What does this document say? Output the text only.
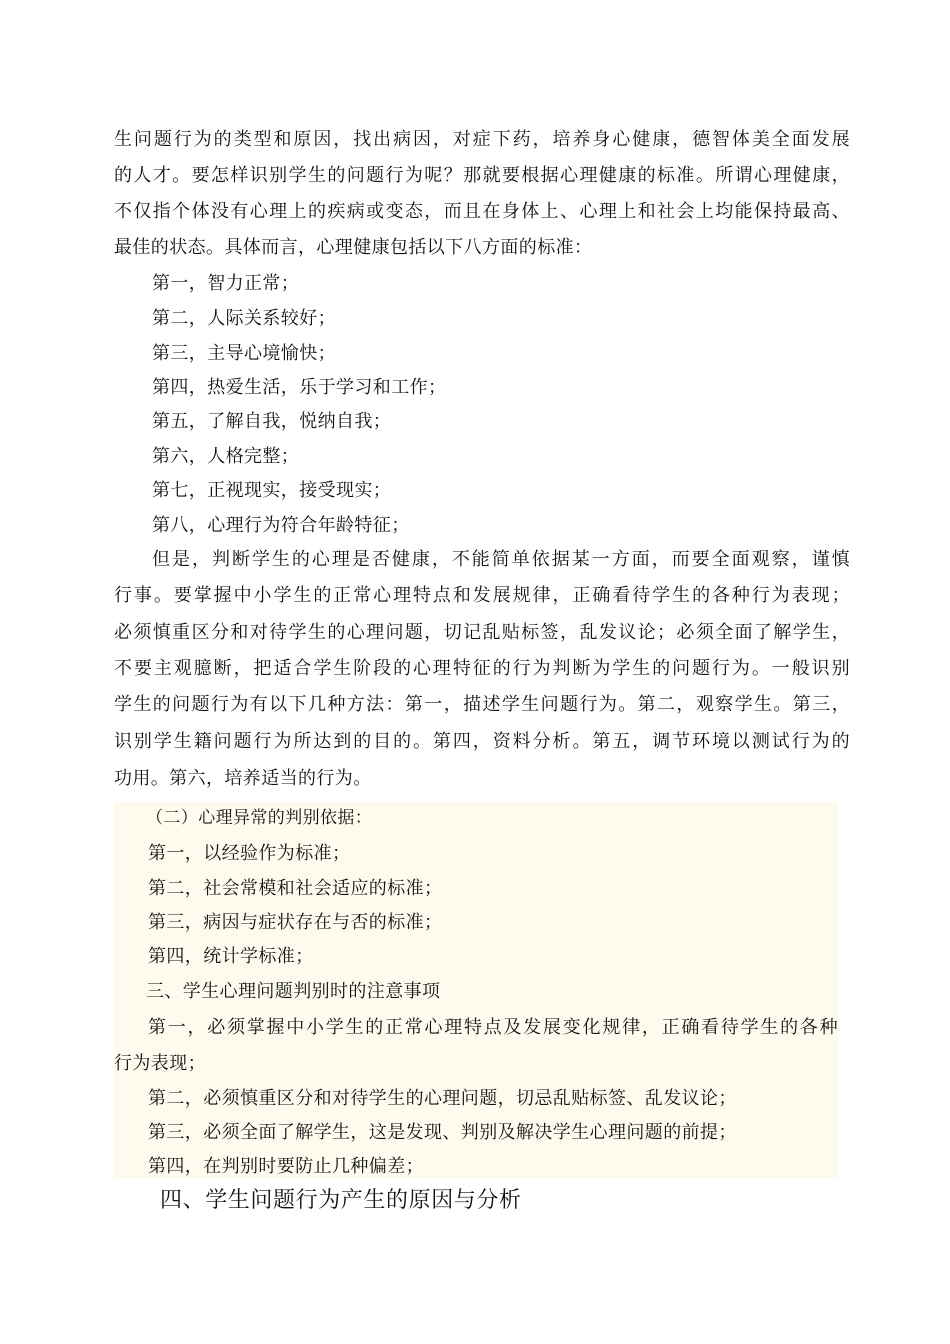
生问题行为的类型和原因，找出病因，对症下药，培养身心健康，德智体美全面发展
的人才。要怎样识别学生的问题行为呢？那就要根据心理健康的标准。所谓心理健康，
不仅指个体没有心理上的疾病或变态，而且在身体上、心理上和社会上均能保持最高、
最佳的状态。具体而言，心理健康包括以下八方面的标准：
第一，智力正常；
第二，人际关系较好；
第三，主导心境愉快；
第四，热爱生活，乐于学习和工作；
第五，了解自我，悦纳自我；
第六，人格完整；
第七，正视现实，接受现实；
第八，心理行为符合年龄特征；
但是，判断学生的心理是否健康，不能简单依据某一方面，而要全面观察，谨慎
行事。要掌握中小学生的正常心理特点和发展规律，正确看待学生的各种行为表现；
必须慎重区分和对待学生的心理问题，切记乱贴标签，乱发议论；必须全面了解学生，
不要主观臆断，把适合学生阶段的心理特征的行为判断为学生的问题行为。一般识别
学生的问题行为有以下几种方法：第一，描述学生问题行为。第二，观察学生。第三，
识别学生籍问题行为所达到的目的。第四，资料分析。第五，调节环境以测试行为的
功用。第六，培养适当的行为。
（二）心理异常的判别依据：
第一，以经验作为标准；
第二，社会常模和社会适应的标准；
第三，病因与症状存在与否的标准；
第四，统计学标准；
三、学生心理问题判别时的注意事项
第一，必须掌握中小学生的正常心理特点及发展变化规律，正确看待学生的各种
行为表现；
第二，必须慎重区分和对待学生的心理问题，切忌乱贴标签、乱发议论；
第三，必须全面了解学生，这是发现、判别及解决学生心理问题的前提；
第四，在判别时要防止几种偏差；
四、学生问题行为产生的原因与分析
